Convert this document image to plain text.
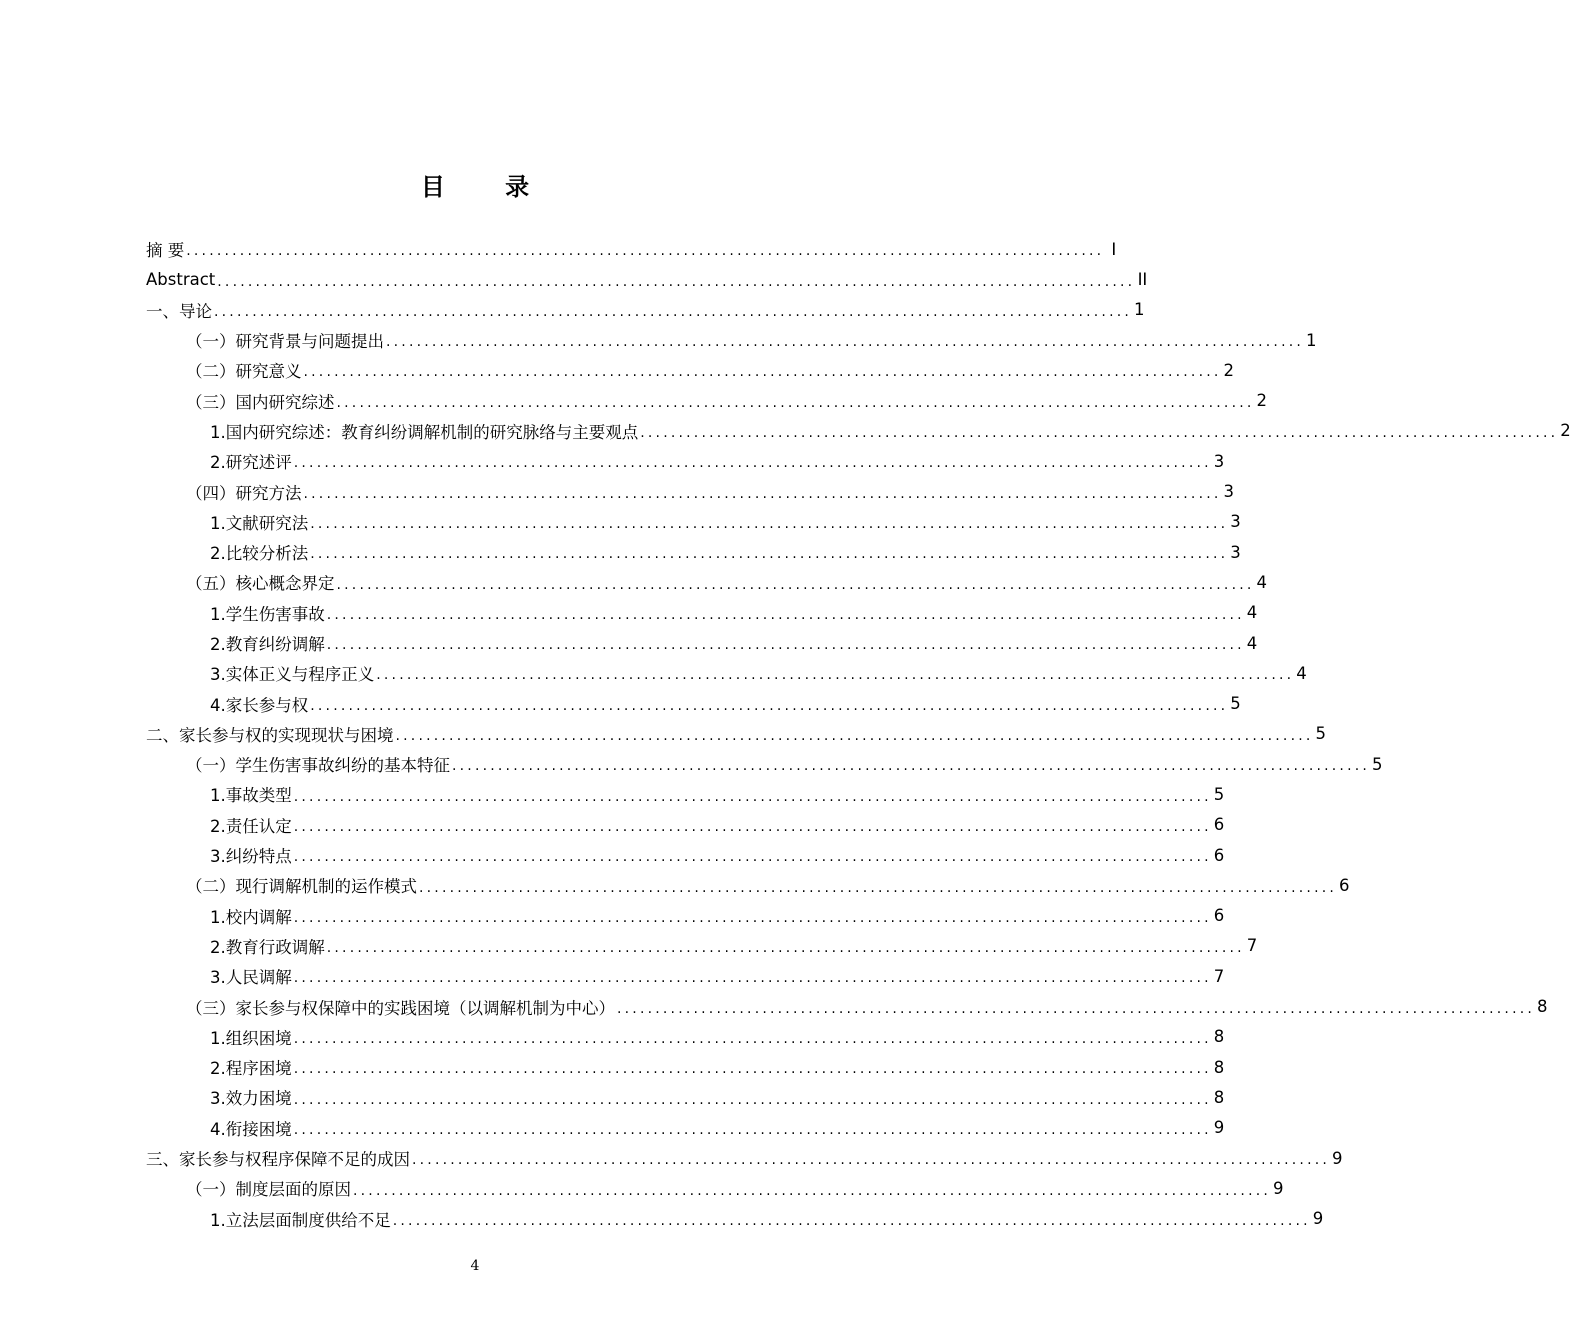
目 录
摘 要 ........................................................................................................................ I
Abstract ........................................................................................................................ II
一、导论 ........................................................................................................................ 1
（一）研究背景与问题提出 ........................................................................................................................ 1
（二）研究意义 ........................................................................................................................ 2
（三）国内研究综述 ........................................................................................................................ 2
1.国内研究综述：教育纠纷调解机制的研究脉络与主要观点 ........................................................................................................................ 2
2.研究述评 ........................................................................................................................ 3
（四）研究方法 ........................................................................................................................ 3
1.文献研究法 ........................................................................................................................ 3
2.比较分析法 ........................................................................................................................ 3
（五）核心概念界定 ........................................................................................................................ 4
1.学生伤害事故 ........................................................................................................................ 4
2.教育纠纷调解 ........................................................................................................................ 4
3.实体正义与程序正义 ........................................................................................................................ 4
4.家长参与权 ........................................................................................................................ 5
二、家长参与权的实现现状与困境 ........................................................................................................................ 5
（一）学生伤害事故纠纷的基本特征 ........................................................................................................................ 5
1.事故类型 ........................................................................................................................ 5
2.责任认定 ........................................................................................................................ 6
3.纠纷特点 ........................................................................................................................ 6
（二）现行调解机制的运作模式 ........................................................................................................................ 6
1.校内调解 ........................................................................................................................ 6
2.教育行政调解 ........................................................................................................................ 7
3.人民调解 ........................................................................................................................ 7
（三）家长参与权保障中的实践困境（以调解机制为中心） ........................................................................................................................ 8
1.组织困境 ........................................................................................................................ 8
2.程序困境 ........................................................................................................................ 8
3.效力困境 ........................................................................................................................ 8
4.衔接困境 ........................................................................................................................ 9
三、家长参与权程序保障不足的成因 ........................................................................................................................ 9
（一）制度层面的原因 ........................................................................................................................ 9
1.立法层面制度供给不足 ........................................................................................................................ 9
4
